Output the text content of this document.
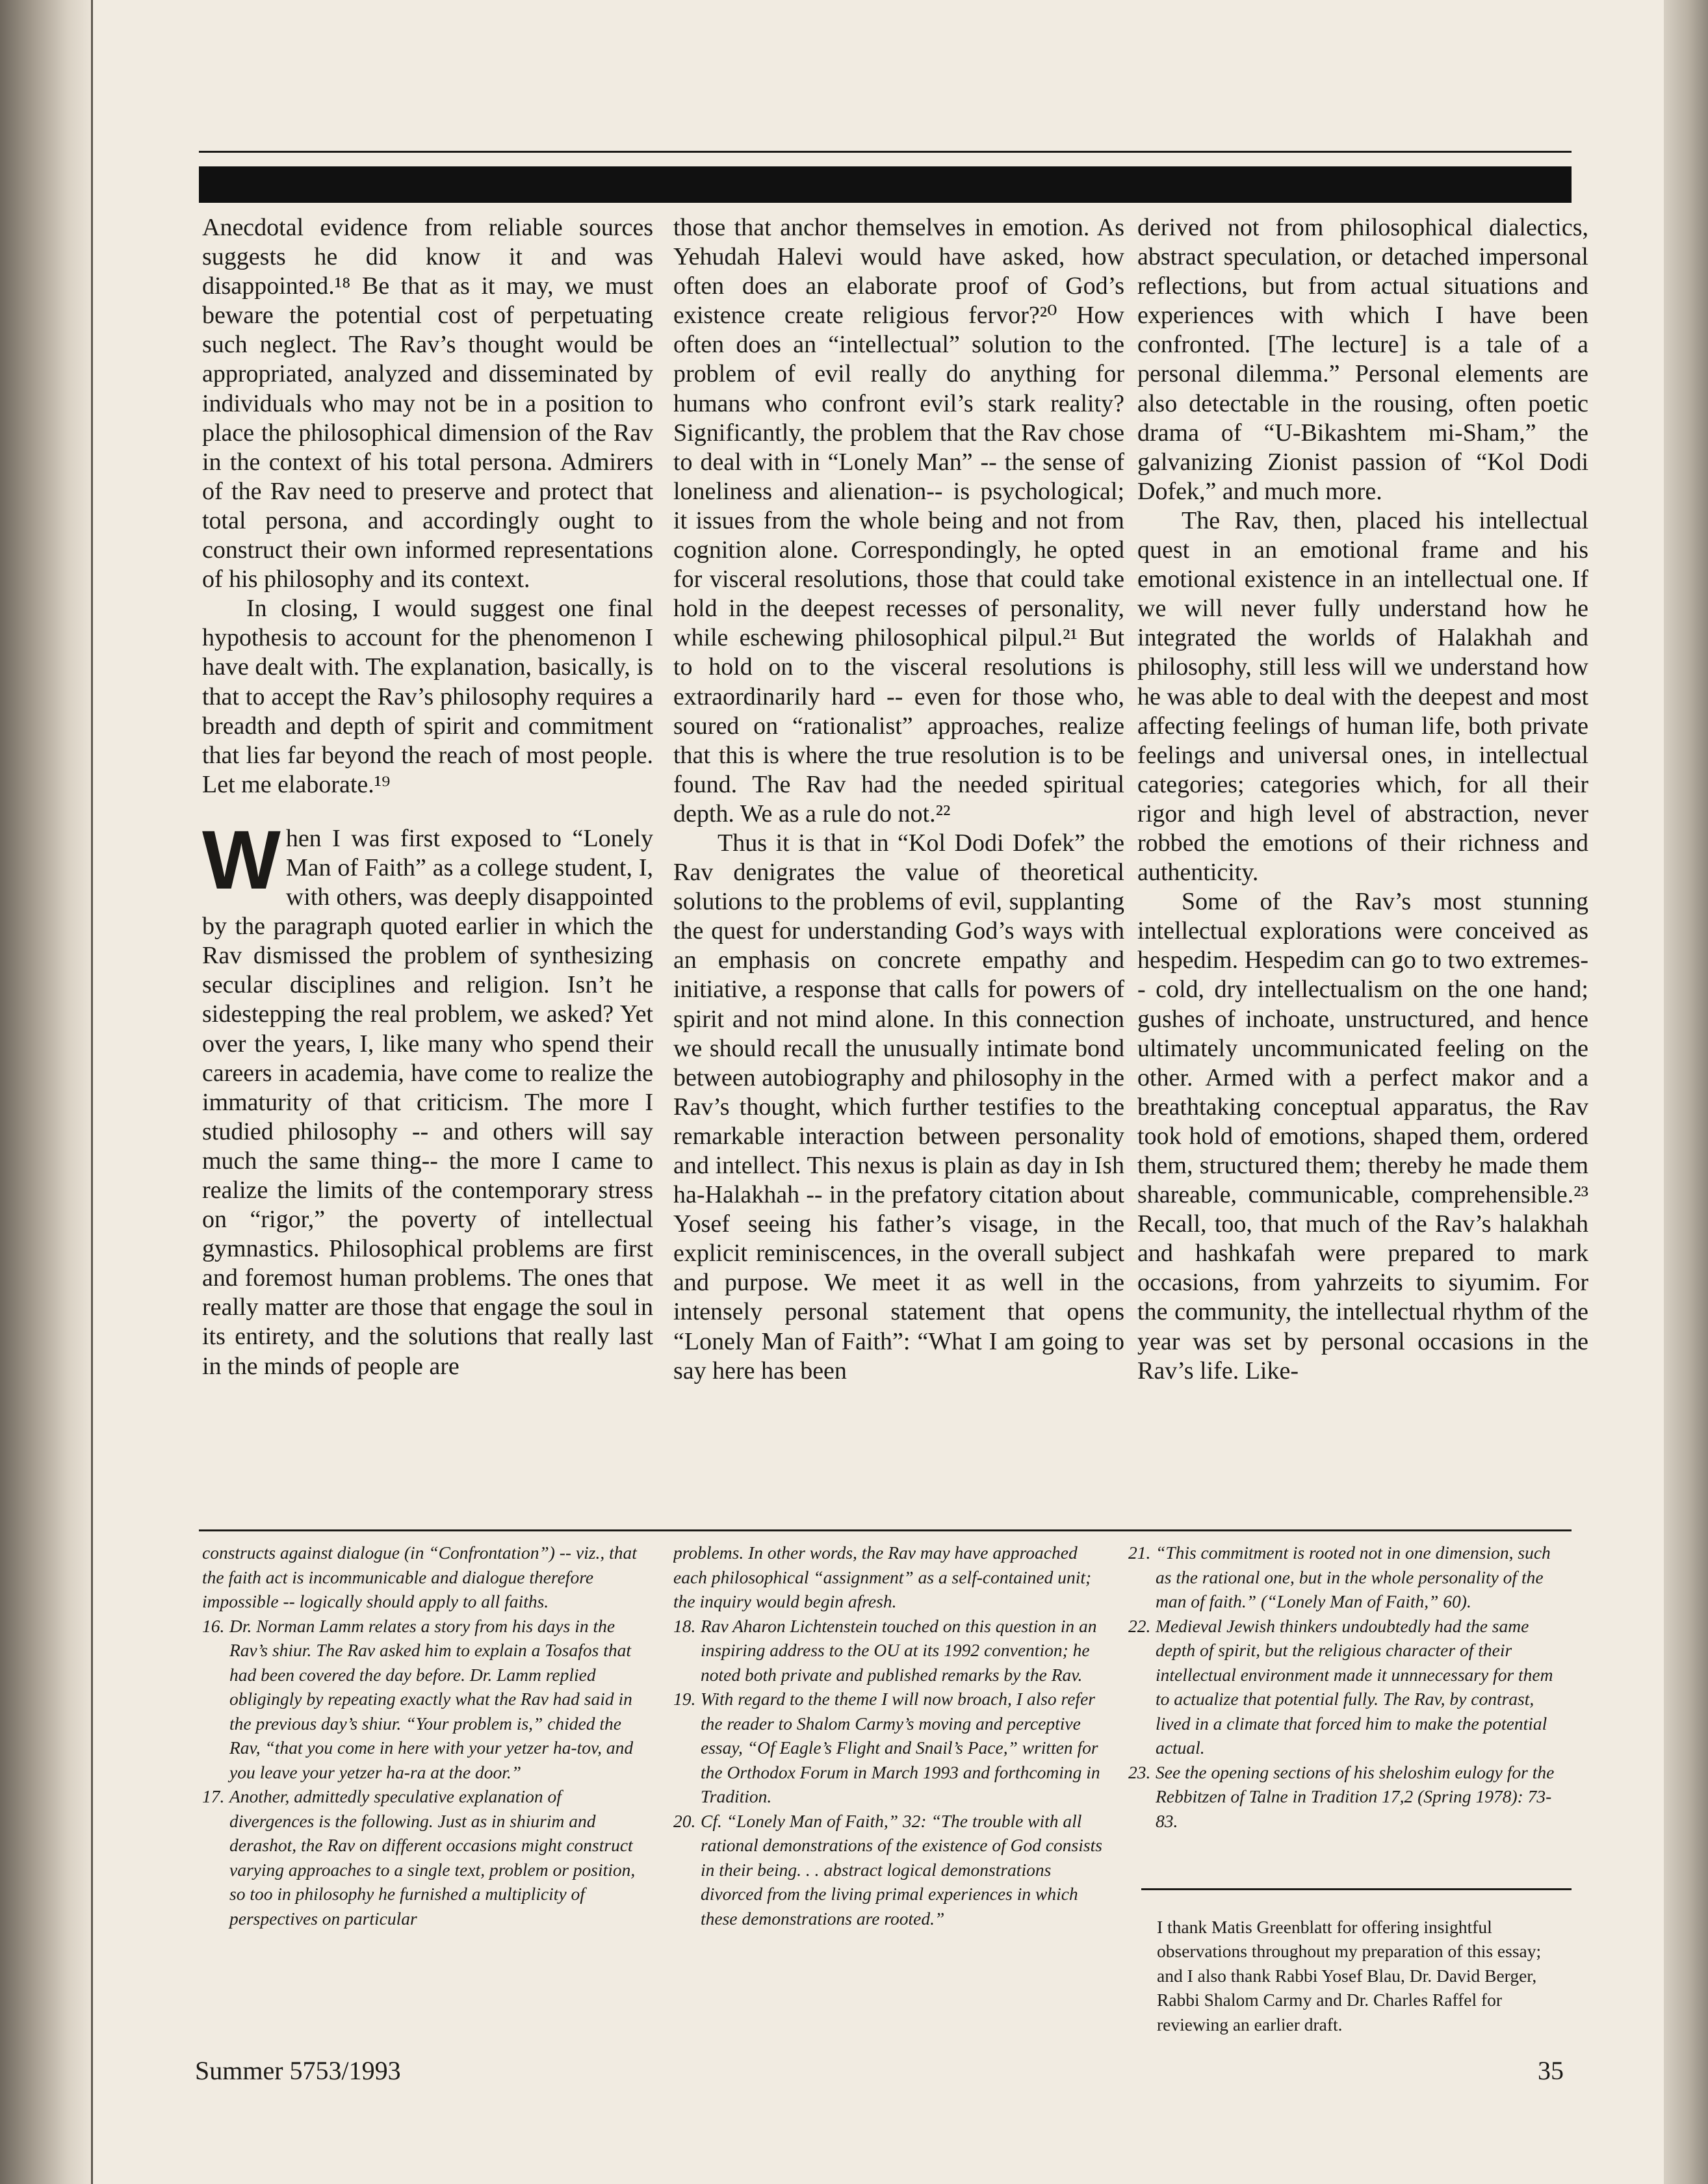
Anecdotal evidence from reliable sources suggests he did know it and was disappointed.¹⁸ Be that as it may, we must beware the potential cost of perpetuating such neglect. The Rav’s thought would be appropriated, analyzed and disseminated by individuals who may not be in a position to place the philosophical dimension of the Rav in the context of his total persona. Admirers of the Rav need to preserve and protect that total persona, and accordingly ought to construct their own informed representations of his philosophy and its context.

In closing, I would suggest one final hypothesis to account for the phenomenon I have dealt with. The explanation, basically, is that to accept the Rav’s philosophy requires a breadth and depth of spirit and commitment that lies far beyond the reach of most people. Let me elaborate.¹⁹

When I was first exposed to “Lonely Man of Faith” as a college student, I, with others, was deeply disappointed by the paragraph quoted earlier in which the Rav dismissed the problem of synthesizing secular disciplines and religion. Isn’t he sidestepping the real problem, we asked? Yet over the years, I, like many who spend their careers in academia, have come to realize the immaturity of that criticism. The more I studied philosophy -- and others will say much the same thing-- the more I came to realize the limits of the contemporary stress on “rigor,” the poverty of intellectual gymnastics. Philosophical problems are first and foremost human problems. The ones that really matter are those that engage the soul in its entirety, and the solutions that really last in the minds of people are

those that anchor themselves in emotion. As Yehudah Halevi would have asked, how often does an elaborate proof of God’s existence create religious fervor?²⁰ How often does an “intellectual” solution to the problem of evil really do anything for humans who confront evil’s stark reality? Significantly, the problem that the Rav chose to deal with in “Lonely Man” -- the sense of loneliness and alienation-- is psychological; it issues from the whole being and not from cognition alone. Correspondingly, he opted for visceral resolutions, those that could take hold in the deepest recesses of personality, while eschewing philosophical pilpul.²¹ But to hold on to the visceral resolutions is extraordinarily hard -- even for those who, soured on “rationalist” approaches, realize that this is where the true resolution is to be found. The Rav had the needed spiritual depth. We as a rule do not.²²

Thus it is that in “Kol Dodi Dofek” the Rav denigrates the value of theoretical solutions to the problems of evil, supplanting the quest for understanding God’s ways with an emphasis on concrete empathy and initiative, a response that calls for powers of spirit and not mind alone. In this connection we should recall the unusually intimate bond between autobiography and philosophy in the Rav’s thought, which further testifies to the remarkable interaction between personality and intellect. This nexus is plain as day in Ish ha-Halakhah -- in the prefatory citation about Yosef seeing his father’s visage, in the explicit reminiscences, in the overall subject and purpose. We meet it as well in the intensely personal statement that opens “Lonely Man of Faith”: “What I am going to say here has been

derived not from philosophical dialectics, abstract speculation, or detached impersonal reflections, but from actual situations and experiences with which I have been confronted. [The lecture] is a tale of a personal dilemma.” Personal elements are also detectable in the rousing, often poetic drama of “U-Bikashtem mi-Sham,” the galvanizing Zionist passion of “Kol Dodi Dofek,” and much more.

The Rav, then, placed his intellectual quest in an emotional frame and his emotional existence in an intellectual one. If we will never fully understand how he integrated the worlds of Halakhah and philosophy, still less will we understand how he was able to deal with the deepest and most affecting feelings of human life, both private feelings and universal ones, in intellectual categories; categories which, for all their rigor and high level of abstraction, never robbed the emotions of their richness and authenticity.

Some of the Rav’s most stunning intellectual explorations were conceived as hespedim. Hespedim can go to two extremes-- cold, dry intellectualism on the one hand; gushes of inchoate, unstructured, and hence ultimately uncommunicated feeling on the other. Armed with a perfect makor and a breathtaking conceptual apparatus, the Rav took hold of emotions, shaped them, ordered them, structured them; thereby he made them shareable, communicable, comprehensible.²³ Recall, too, that much of the Rav’s halakhah and hashkafah were prepared to mark occasions, from yahrzeits to siyumim. For the community, the intellectual rhythm of the year was set by personal occasions in the Rav’s life. Like-

constructs against dialogue (in “Confrontation”) -- viz., that the faith act is incommunicable and dialogue therefore impossible -- logically should apply to all faiths.

16. Dr. Norman Lamm relates a story from his days in the Rav’s shiur. The Rav asked him to explain a Tosafos that had been covered the day before. Dr. Lamm replied obligingly by repeating exactly what the Rav had said in the previous day’s shiur. “Your problem is,” chided the Rav, “that you come in here with your yetzer ha-tov, and you leave your yetzer ha-ra at the door.”
17. Another, admittedly speculative explanation of divergences is the following. Just as in shiurim and derashot, the Rav on different occasions might construct varying approaches to a single text, problem or position, so too in philosophy he furnished a multiplicity of perspectives on particular

problems. In other words, the Rav may have approached each philosophical “assignment” as a self-contained unit; the inquiry would begin afresh.

18. Rav Aharon Lichtenstein touched on this question in an inspiring address to the OU at its 1992 convention; he noted both private and published remarks by the Rav.
19. With regard to the theme I will now broach, I also refer the reader to Shalom Carmy’s moving and perceptive essay, “Of Eagle’s Flight and Snail’s Pace,” written for the Orthodox Forum in March 1993 and forthcoming in Tradition.
20. Cf. “Lonely Man of Faith,” 32: “The trouble with all rational demonstrations of the existence of God consists in their being. . . abstract logical demonstrations divorced from the living primal experiences in which these demonstrations are rooted.”
21. “This commitment is rooted not in one dimension, such as the rational one, but in the whole personality of the man of faith.” (“Lonely Man of Faith,” 60).
22. Medieval Jewish thinkers undoubtedly had the same depth of spirit, but the religious character of their intellectual environment made it unnnecessary for them to actualize that potential fully. The Rav, by contrast, lived in a climate that forced him to make the potential actual.
23. See the opening sections of his sheloshim eulogy for the Rebbitzen of Talne in Tradition 17,2 (Spring 1978): 73-83.

I thank Matis Greenblatt for offering insightful observations throughout my preparation of this essay; and I also thank Rabbi Yosef Blau, Dr. David Berger, Rabbi Shalom Carmy and Dr. Charles Raffel for reviewing an earlier draft.

Summer 5753/1993	35
